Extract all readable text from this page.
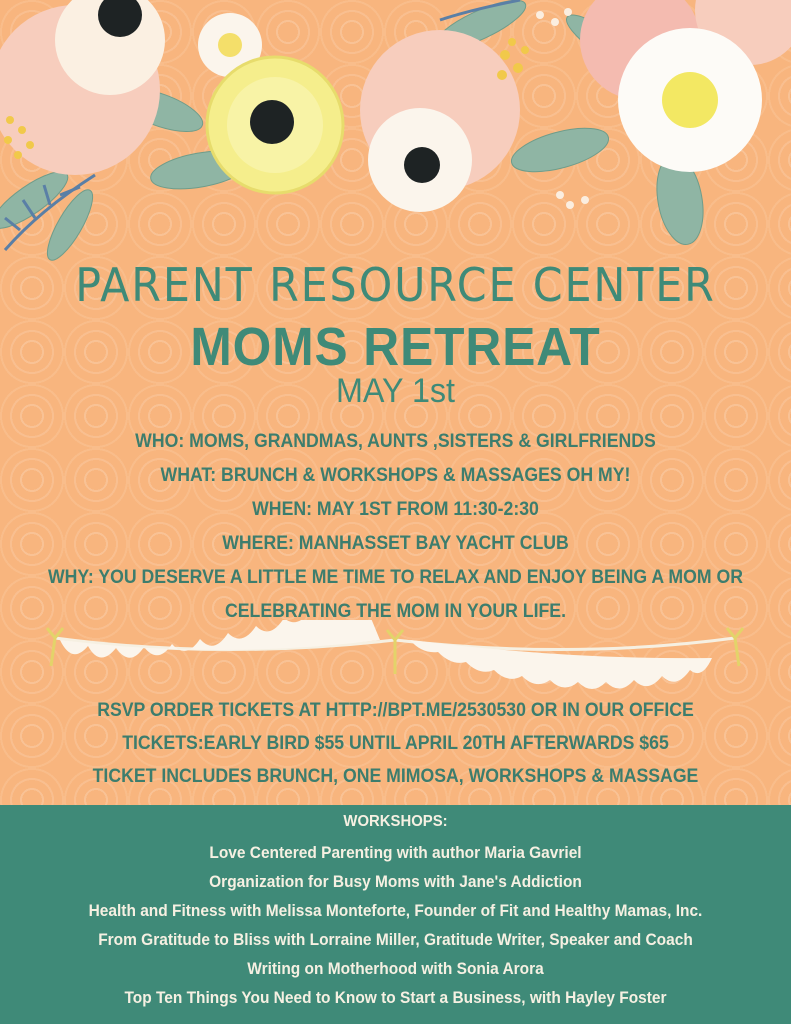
PARENT RESOURCE CENTER
MOMS RETREAT
MAY 1st
WHO: MOMS, GRANDMAS, AUNTS ,SISTERS & GIRLFRIENDS
WHAT: BRUNCH & WORKSHOPS & MASSAGES OH MY!
WHEN: MAY 1ST FROM 11:30-2:30
WHERE: MANHASSET BAY YACHT CLUB
WHY: YOU DESERVE A LITTLE ME TIME TO RELAX AND ENJOY BEING A MOM OR
CELEBRATING THE MOM IN YOUR LIFE.
RSVP ORDER TICKETS AT HTTP://BPT.ME/2530530 OR IN OUR OFFICE
TICKETS:EARLY BIRD $55 UNTIL APRIL 20TH AFTERWARDS $65
TICKET INCLUDES BRUNCH, ONE MIMOSA, WORKSHOPS & MASSAGE
WORKSHOPS:
Love Centered Parenting with author Maria Gavriel
Organization for Busy Moms with Jane's Addiction
Health and Fitness with Melissa Monteforte, Founder of Fit and Healthy Mamas, Inc.
From Gratitude to Bliss with Lorraine Miller, Gratitude Writer, Speaker and Coach
Writing on Motherhood with Sonia Arora
Top Ten Things You Need to Know to Start a Business, with Hayley Foster
